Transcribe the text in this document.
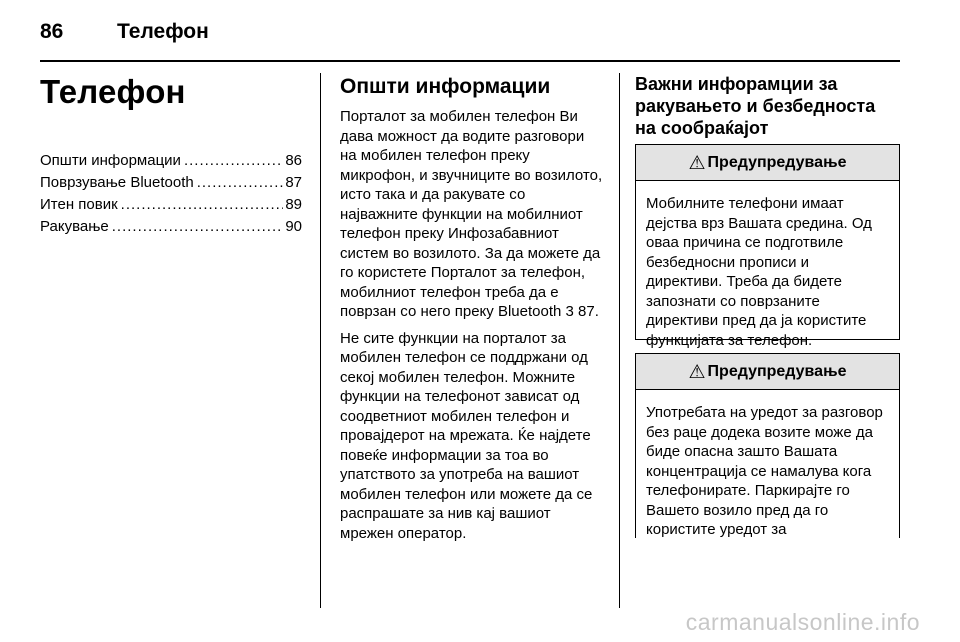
86	Телефон
Телефон
Општи информации .....	86
Поврзување Bluetooth .....	87
Итен повик .....	89
Ракување .....	90
Општи информации

Порталот за мобилен телефон Ви дава можност да водите разговори на мобилен телефон преку микрофон, и звучниците во возилото, исто така и да ракувате со најважните функции на мобилниот телефон преку Инфозабавниот систем во возилото. За да можете да го користете Порталот за телефон, мобилниот телефон треба да е поврзан со него преку Bluetooth 3 87.

Не сите функции на порталот за мобилен телефон се поддржани од секој мобилен телефон. Можните функции на телефонот зависат од соодветниот мобилен телефон и провајдерот на мрежата. Ќе најдете повеќе информации за тоа во упатството за употреба на вашиот мобилен телефон или можете да се распрашате за нив кај вашиот мрежен оператор.

Важни инфорамции за ракувањето и безбедноста на сообраќајот
⚠ Предупредување
Мобилните телефони имаат дејства врз Вашата средина. Од оваа причина се подготвиле безбедносни прописи и директиви. Треба да бидете запознати со поврзаните директиви пред да ја користите функцијата за телефон.
⚠ Предупредување
Употребата на уредот за разговор без раце додека возите може да биде опасна зашто Вашата концентрација се намалува кога телефонирате. Паркирајте го Вашето возило пред да го користите уредот за
carmanualsonline.info
